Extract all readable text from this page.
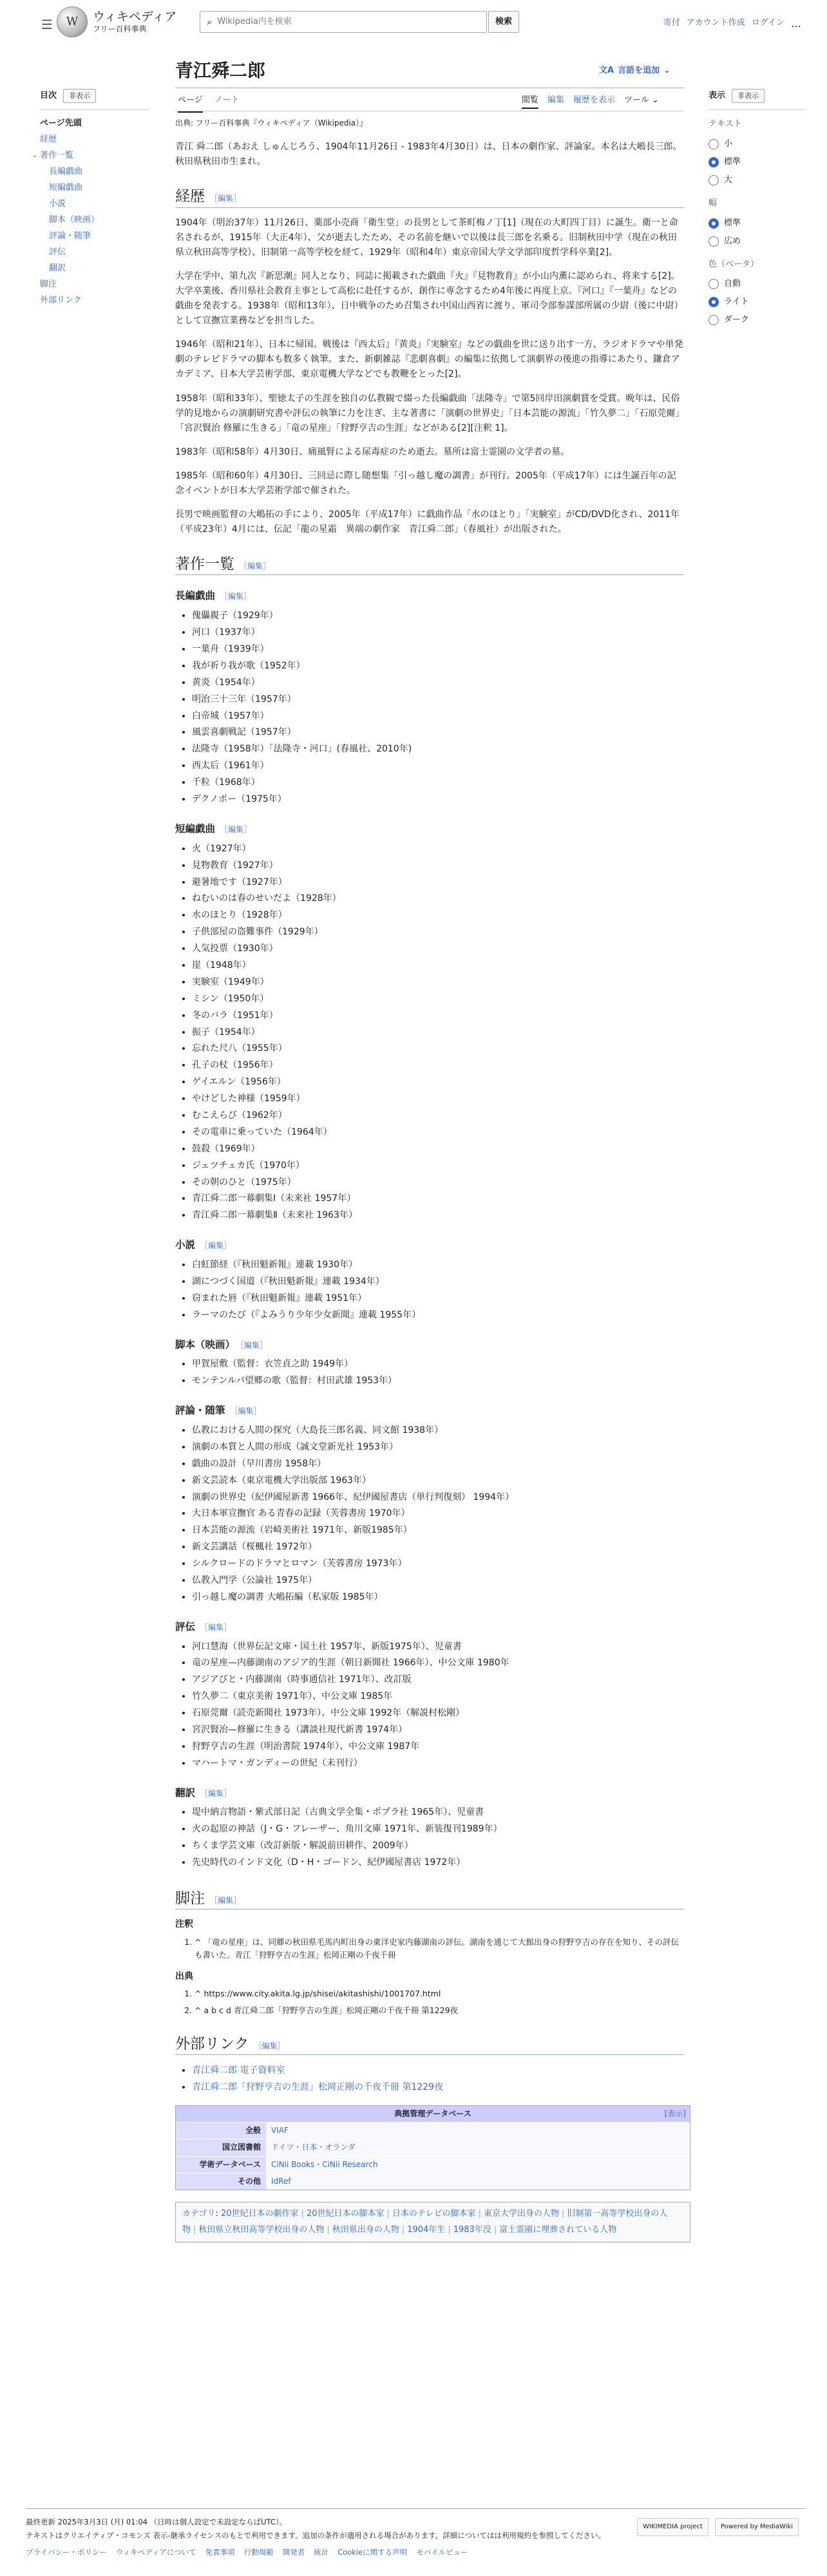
☰	W	ウィキペディア
フリー百科事典
⌕ Wikipedia内を検索	検索	寄付 アカウント作成 ログイン …
目次	非表示
ページ先頭
経歴
⌄ 著作一覧
長編戯曲
短編戯曲
小説
脚本（映画）
評論・随筆
評伝
翻訳
脚注
外部リンク
青江舜二郎	文A 言語を追加 ⌄
ページ ノート	閲覧 編集 履歴を表示 ツール ⌄
出典: フリー百科事典『ウィキペディア（Wikipedia）』

青江 舜二郎（あおえ しゅんじろう、1904年11月26日 - 1983年4月30日）は、日本の劇作家、評論家。本名は大嶋長三郎。秋田県秋田市生まれ。

経歴 ［編集］

1904年（明治37年）11月26日、薬部小売商「衛生堂」の長男として茶町梅ノ丁[1]（現在の大町四丁目）に誕生。衛一と命名されるが、1915年（大正4年）、父が逝去したため、その名前を継いで以後は長三郎を名乗る。旧制秋田中学（現在の秋田県立秋田高等学校）、旧制第一高等学校を経て、1929年（昭和4年）東京帝国大学文学部印度哲学科卒業[2]。

大学在学中、第九次『新思潮』同人となり、同誌に掲載された戯曲『火』『見物教育』が小山内薫に認められ、将来する[2]。大学卒業後、香川県社会教育主事として高松に赴任するが、創作に専念するため4年後に再度上京。『河口』『一葉舟』などの戯曲を発表する。1938年（昭和13年）、日中戦争のため召集され中国山西省に渡り、軍司令部参謀部所属の少尉（後に中尉）として宣撫宣業務などを担当した。

1946年（昭和21年）、日本に帰国。戦後は『西太后』『黄炎』『実験室』などの戯曲を世に送り出す一方、ラジオドラマや単発劇のテレビドラマの脚本も数多く執筆。また、新劇雑誌『悲劇喜劇』の編集に依拠して演劇界の後進の指導にあたり、鎌倉アカデミア、日本大学芸術学部、東京電機大学などでも教鞭をとった[2]。

1958年（昭和33年）、聖徳太子の生涯を独自の仏教観で綴った長編戯曲「法隆寺」で第5回岸田演劇賞を受賞。晩年は、民俗学的見地からの演劇研究書や評伝の執筆に力を注ぎ、主な著書に「演劇の世界史」「日本芸能の源流」「竹久夢二」「石原莞爾」「宮沢賢治 修羅に生きる」「竜の星座」「狩野亨吉の生涯」などがある[2][注釈 1]。

1983年（昭和58年）4月30日、痛風腎による尿毒症のため逝去。墓所は富士霊園の文学者の墓。

1985年（昭和60年）4月30日、三回忌に際し随想集「引っ越し魔の調書」が刊行。2005年（平成17年）には生誕百年の記念イベントが日本大学芸術学部で催された。

長男で映画監督の大嶋拓の手により、2005年（平成17年）に戯曲作品「水のほとり」「実験室」がCD/DVD化され、2011年（平成23年）4月には、伝記「龍の星霜　異端の劇作家　青江舜二郎」（春風社）が出版された。

著作一覧 ［編集］
長編戯曲 ［編集］
• 傀儡親子（1929年）
• 河口（1937年）
• 一葉舟（1939年）
• 我が祈り我が歌（1952年）
• 黄炎（1954年）
• 明治三十三年（1957年）
• 白帝城（1957年）
• 風雲喜劇戦記（1957年）
• 法隆寺（1958年）「法隆寺・河口」(春風社、2010年)
• 西太后（1961年）
• 千粒（1968年）
• デクノボー（1975年）
短編戯曲 ［編集］
• 火（1927年）
• 見物教育（1927年）
• 避暑地です（1927年）
• ねむいのは春のせいだよ（1928年）
• 水のほとり（1928年）
• 子供部屋の盗難事件（1929年）
• 人気投票（1930年）
• 崖（1948年）
• 実験室（1949年）
• ミシン（1950年）
• 冬のバラ（1951年）
• 振子（1954年）
• 忘れた尺八（1955年）
• 孔子の杖（1956年）
• ゲイエルン（1956年）
• やけどした神様（1959年）
• むこえらび（1962年）
• その電車に乗っていた（1964年）
• 鼓殺（1969年）
• ジェツチェカ氏（1970年）
• その朝のひと（1975年）
• 青江舜二郎一幕劇集Ⅰ（未来社 1957年）
• 青江舜二郎一幕劇集Ⅱ（未来社 1963年）
小説 ［編集］
• 白虹節経（『秋田魁新報』連載 1930年）
• 湖につづく国道（『秋田魁新報』連載 1934年）
• 窃まれた唇（『秋田魁新報』連載 1951年）
• ラーマのたび（『よみうり少年少女新聞』連載 1955年）
脚本（映画） ［編集］
• 甲賀屋敷（監督：衣笠貞之助 1949年）
• モンテンルパ望郷の歌（監督：村田武雄 1953年）
評論・随筆 ［編集］
• 仏教における人間の探究（大島長三郎名義、同文館 1938年）
• 演劇の本質と人間の形成（誠文堂新光社 1953年）
• 戯曲の設計（早川書房 1958年）
• 新文芸読本（東京電機大学出版部 1963年）
• 演劇の世界史（紀伊國屋新書 1966年、紀伊國屋書店（単行判復刻） 1994年）
• 大日本軍宣撫官 ある青春の記録（芙蓉書房 1970年）
• 日本芸能の源流（岩崎美術社 1971年、新版1985年）
• 新文芸講話（桜楓社 1972年）
• シルクロードのドラマとロマン（芙蓉書房 1973年）
• 仏教入門学（公論社 1975年）
• 引っ越し魔の調書 大嶋拓編（私家版 1985年）
評伝 ［編集］
• 河口慧海（世界伝記文庫・国土社 1957年、新版1975年）、児童書
• 竜の星座—内藤湖南のアジア的生涯（朝日新聞社 1966年）、中公文庫 1980年
• アジアびと・内藤湖南（時事通信社 1971年）、改訂版
• 竹久夢二（東京美術 1971年）、中公文庫 1985年
• 石原莞爾（読売新聞社 1973年）、中公文庫 1992年（解説村松剛）
• 宮沢賢治—修羅に生きる（講談社現代新書 1974年）
• 狩野亨吉の生涯（明治書院 1974年）、中公文庫 1987年
• マハートマ・ガンディーの世紀（未刊行）
翻訳 ［編集］
• 堤中納言物語・紫式部日記（古典文学全集・ポプラ社 1965年）、児童書
• 火の起原の神話（J・G・フレーザー、角川文庫 1971年、新装復刊1989年）
• ちくま学芸文庫（改訂新版・解説前田耕作、2009年）
• 先史時代のインド文化（D・H・ゴードン、紀伊國屋書店 1972年）
脚注 ［編集］
注釈
1. ^ 「竜の星座」は、同郷の秋田県毛馬内町出身の東洋史家内藤湖南の評伝。湖南を通じて大館出身の狩野亨吉の存在を知り、その評伝も書いた。青江「狩野亨吉の生涯」松岡正剛の千夜千冊
出典
1. ^ https://www.city.akita.lg.jp/shisei/akitashishi/1001707.html
2. ^ a b c d 青江舜二郎「狩野亨吉の生涯」松岡正剛の千夜千冊 第1229夜
外部リンク ［編集］
• 青江舜二郎 電子資料室
• 青江舜二郎「狩野亨吉の生涯」松岡正剛の千夜千冊 第1229夜
典拠管理データベース	[表示]
全般	VIAF
国立図書館	ドイツ・日本・オランダ
学術データベース	CiNii Books・CiNii Research
その他	IdRef
カテゴリ: 20世紀日本の劇作家 | 20世紀日本の脚本家 | 日本のテレビの脚本家 | 東京大学出身の人物 | 旧制第一高等学校出身の人物 | 秋田県立秋田高等学校出身の人物 | 秋田県出身の人物 | 1904年生 | 1983年没 | 富士霊園に埋葬されている人物
表示	非表示
テキスト
小
標準
大
幅
標準
広め
色（ベータ）
自動
ライト
ダーク
最終更新 2025年3月3日 (月) 01:04 （日時は個人設定で未設定ならばUTC）。
テキストはクリエイティブ・コモンズ 表示-継承ライセンスのもとで利用できます。追加の条件が適用される場合があります。詳細についてはは利用規約を参照してください。
プライバシー・ポリシー ウィキペディアについて 免責事項 行動規範 開発者 統計 Cookieに関する声明 モバイルビュー
WIKIMEDIA project	Powered by MediaWiki
